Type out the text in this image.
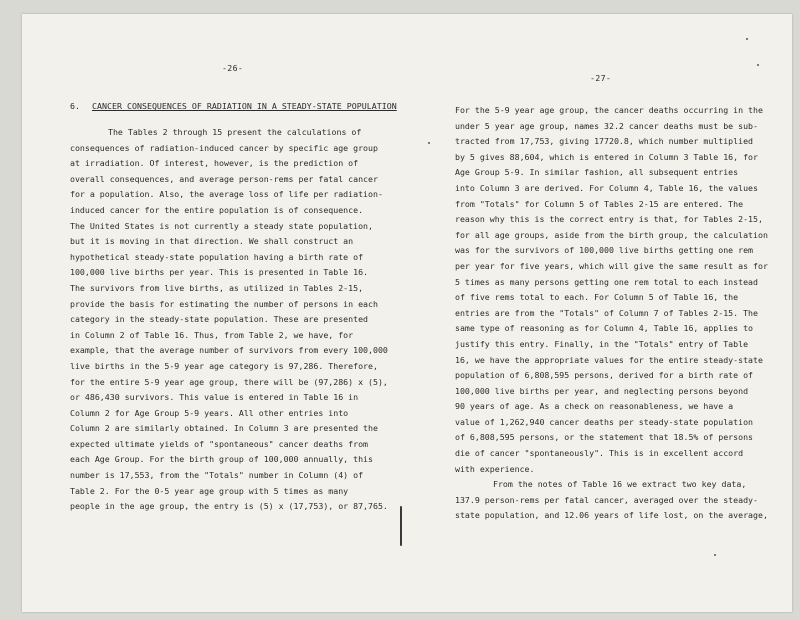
-26-
6. CANCER CONSEQUENCES OF RADIATION IN A STEADY-STATE POPULATION
The Tables 2 through 15 present the calculations of
consequences of radiation-induced cancer by specific age group
at irradiation. Of interest, however, is the prediction of
overall consequences, and average person-rems per fatal cancer
for a population. Also, the average loss of life per radiation-
induced cancer for the entire population is of consequence.
The United States is not currently a steady state population,
but it is moving in that direction. We shall construct an
hypothetical steady-state population having a birth rate of
100,000 live births per year. This is presented in Table 16.
The survivors from live births, as utilized in Tables 2-15,
provide the basis for estimating the number of persons in each
category in the steady-state population. These are presented
in Column 2 of Table 16. Thus, from Table 2, we have, for
example, that the average number of survivors from every 100,000
live births in the 5-9 year age category is 97,286. Therefore,
for the entire 5-9 year age group, there will be (97,286) x (5),
or 486,430 survivors. This value is entered in Table 16 in
Column 2 for Age Group 5-9 years. All other entries into
Column 2 are similarly obtained. In Column 3 are presented the
expected ultimate yields of "spontaneous" cancer deaths from
each Age Group. For the birth group of 100,000 annually, this
number is 17,553, from the "Totals" number in Column (4) of
Table 2. For the 0-5 year age group with 5 times as many
people in the age group, the entry is (5) x (17,753), or 87,765.
-27-
For the 5-9 year age group, the cancer deaths occurring in the
under 5 year age group, names 32.2 cancer deaths must be sub-
tracted from 17,753, giving 17720.8, which number multiplied
by 5 gives 88,604, which is entered in Column 3 Table 16, for
Age Group 5-9. In similar fashion, all subsequent entries
into Column 3 are derived. For Column 4, Table 16, the values
from "Totals" for Column 5 of Tables 2-15 are entered. The
reason why this is the correct entry is that, for Tables 2-15,
for all age groups, aside from the birth group, the calculation
was for the survivors of 100,000 live births getting one rem
per year for five years, which will give the same result as for
5 times as many persons getting one rem total to each instead
of five rems total to each. For Column 5 of Table 16, the
entries are from the "Totals" of Column 7 of Tables 2-15. The
same type of reasoning as for Column 4, Table 16, applies to
justify this entry. Finally, in the "Totals" entry of Table
16, we have the appropriate values for the entire steady-state
population of 6,808,595 persons, derived for a birth rate of
100,000 live births per year, and neglecting persons beyond
90 years of age. As a check on reasonableness, we have a
value of 1,262,940 cancer deaths per steady-state population
of 6,808,595 persons, or the statement that 18.5% of persons
die of cancer "spontaneously". This is in excellent accord
with experience.
From the notes of Table 16 we extract two key data,
137.9 person-rems per fatal cancer, averaged over the steady-
state population, and 12.06 years of life lost, on the average,
